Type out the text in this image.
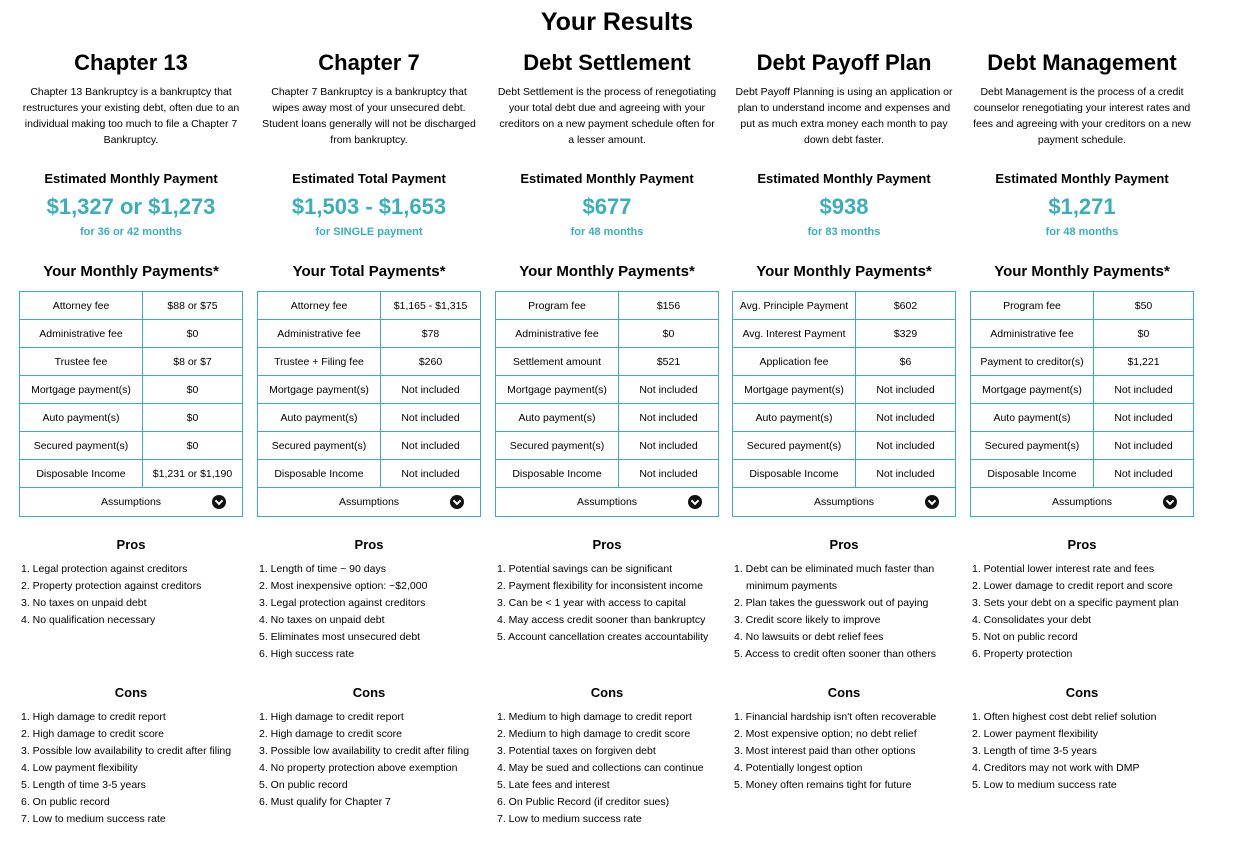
Your Results
Chapter 13
Chapter 13 Bankruptcy is a bankruptcy that restructures your existing debt, often due to an individual making too much to file a Chapter 7 Bankruptcy.
Estimated Monthly Payment
$1,327 or $1,273
for 36 or 42 months
Your Monthly Payments*
Attorney fee	$88 or $75
Administrative fee	$0
Trustee fee	$8 or $7
Mortgage payment(s)	$0
Auto payment(s)	$0
Secured payment(s)	$0
Disposable Income	$1,231 or $1,190
Assumptions
Pros
1. Legal protection against creditors
2. Property protection against creditors
3. No taxes on unpaid debt
4. No qualification necessary
Cons
1. High damage to credit report
2. High damage to credit score
3. Possible low availability to credit after filing
4. Low payment flexibility
5. Length of time 3-5 years
6. On public record
7. Low to medium success rate
Chapter 7
Chapter 7 Bankruptcy is a bankruptcy that wipes away most of your unsecured debt. Student loans generally will not be discharged from bankruptcy.
Estimated Total Payment
$1,503 - $1,653
for SINGLE payment
Your Total Payments*
Attorney fee	$1,165 - $1,315
Administrative fee	$78
Trustee + Filing fee	$260
Mortgage payment(s)	Not included
Auto payment(s)	Not included
Secured payment(s)	Not included
Disposable Income	Not included
Assumptions
Pros
1. Length of time ~ 90 days
2. Most inexpensive option: ~$2,000
3. Legal protection against creditors
4. No taxes on unpaid debt
5. Eliminates most unsecured debt
6. High success rate
Cons
1. High damage to credit report
2. High damage to credit score
3. Possible low availability to credit after filing
4. No property protection above exemption
5. On public record
6. Must qualify for Chapter 7
Debt Settlement
Debt Settlement is the process of renegotiating your total debt due and agreeing with your creditors on a new payment schedule often for a lesser amount.
Estimated Monthly Payment
$677
for 48 months
Your Monthly Payments*
Program fee	$156
Administrative fee	$0
Settlement amount	$521
Mortgage payment(s)	Not included
Auto payment(s)	Not included
Secured payment(s)	Not included
Disposable Income	Not included
Assumptions
Pros
1. Potential savings can be significant
2. Payment flexibility for inconsistent income
3. Can be < 1 year with access to capital
4. May access credit sooner than bankruptcy
5. Account cancellation creates accountability
Cons
1. Medium to high damage to credit report
2. Medium to high damage to credit score
3. Potential taxes on forgiven debt
4. May be sued and collections can continue
5. Late fees and interest
6. On Public Record (if creditor sues)
7. Low to medium success rate
Debt Payoff Plan
Debt Payoff Planning is using an application or plan to understand income and expenses and put as much extra money each month to pay down debt faster.
Estimated Monthly Payment
$938
for 83 months
Your Monthly Payments*
Avg. Principle Payment	$602
Avg. Interest Payment	$329
Application fee	$6
Mortgage payment(s)	Not included
Auto payment(s)	Not included
Secured payment(s)	Not included
Disposable Income	Not included
Assumptions
Pros
1. Debt can be eliminated much faster than
minimum payments
2. Plan takes the guesswork out of paying
3. Credit score likely to improve
4. No lawsuits or debt relief fees
5. Access to credit often sooner than others
Cons
1. Financial hardship isn't often recoverable
2. Most expensive option; no debt relief
3. Most interest paid than other options
4. Potentially longest option
5. Money often remains tight for future
Debt Management
Debt Management is the process of a credit counselor renegotiating your interest rates and fees and agreeing with your creditors on a new payment schedule.
Estimated Monthly Payment
$1,271
for 48 months
Your Monthly Payments*
Program fee	$50
Administrative fee	$0
Payment to creditor(s)	$1,221
Mortgage payment(s)	Not included
Auto payment(s)	Not included
Secured payment(s)	Not included
Disposable Income	Not included
Assumptions
Pros
1. Potential lower interest rate and fees
2. Lower damage to credit report and score
3. Sets your debt on a specific payment plan
4. Consolidates your debt
5. Not on public record
6. Property protection
Cons
1. Often highest cost debt relief solution
2. Lower payment flexibility
3. Length of time 3-5 years
4. Creditors may not work with DMP
5. Low to medium success rate
